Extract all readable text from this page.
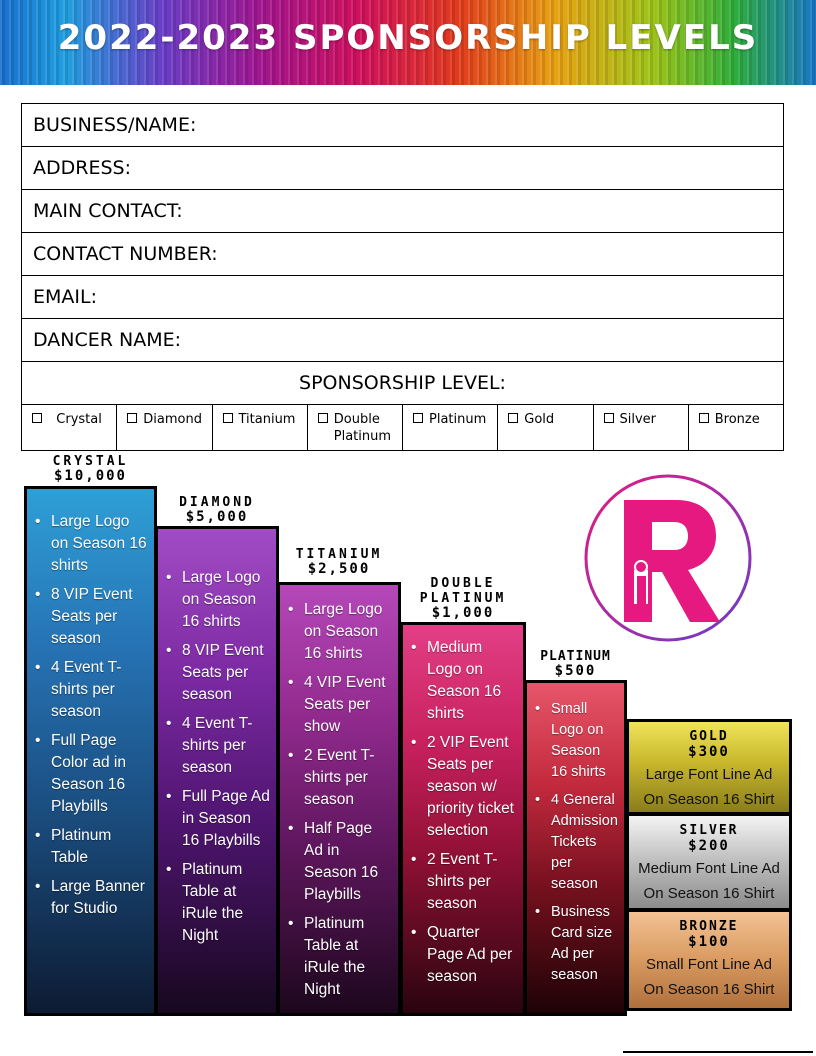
2022-2023 SPONSORSHIP LEVELS
BUSINESS/NAME:
ADDRESS:
MAIN CONTACT:
CONTACT NUMBER:
EMAIL:
DANCER NAME:
SPONSORSHIP LEVEL:
Crystal	Diamond	Titanium	Double
Platinum
Platinum	Gold	Silver	Bronze
CRYSTAL
$10,000
DIAMOND
$5,000
TITANIUM
$2,500
DOUBLE
PLATINUM
$1,000
PLATINUM
$500
• Large Logo on Season 16 shirts
• 8 VIP Event Seats per season
• 4 Event T-shirts per season
• Full Page Color ad in Season 16 Playbills
• Platinum Table
• Large Banner for Studio
• Large Logo on Season 16 shirts
• 8 VIP Event Seats per season
• 4 Event T-shirts per season
• Full Page Ad in Season 16 Playbills
• Platinum Table at iRule the Night
• Large Logo on Season 16 shirts
• 4 VIP Event Seats per show
• 2 Event T- shirts per season
• Half Page Ad in Season 16 Playbills
• Platinum Table at iRule the Night
• Medium Logo on Season 16 shirts
• 2 VIP Event Seats per season w/ priority ticket selection
• 2 Event T- shirts per season
• Quarter Page Ad per season
• Small Logo on Season 16 shirts
• 4 General Admission Tickets per season
• Business Card size Ad per season
GOLD
$300
Large Font Line Ad
On Season 16 Shirt
SILVER
$200
Medium Font Line Ad
On Season 16 Shirt
BRONZE
$100
Small Font Line Ad
On Season 16 Shirt
